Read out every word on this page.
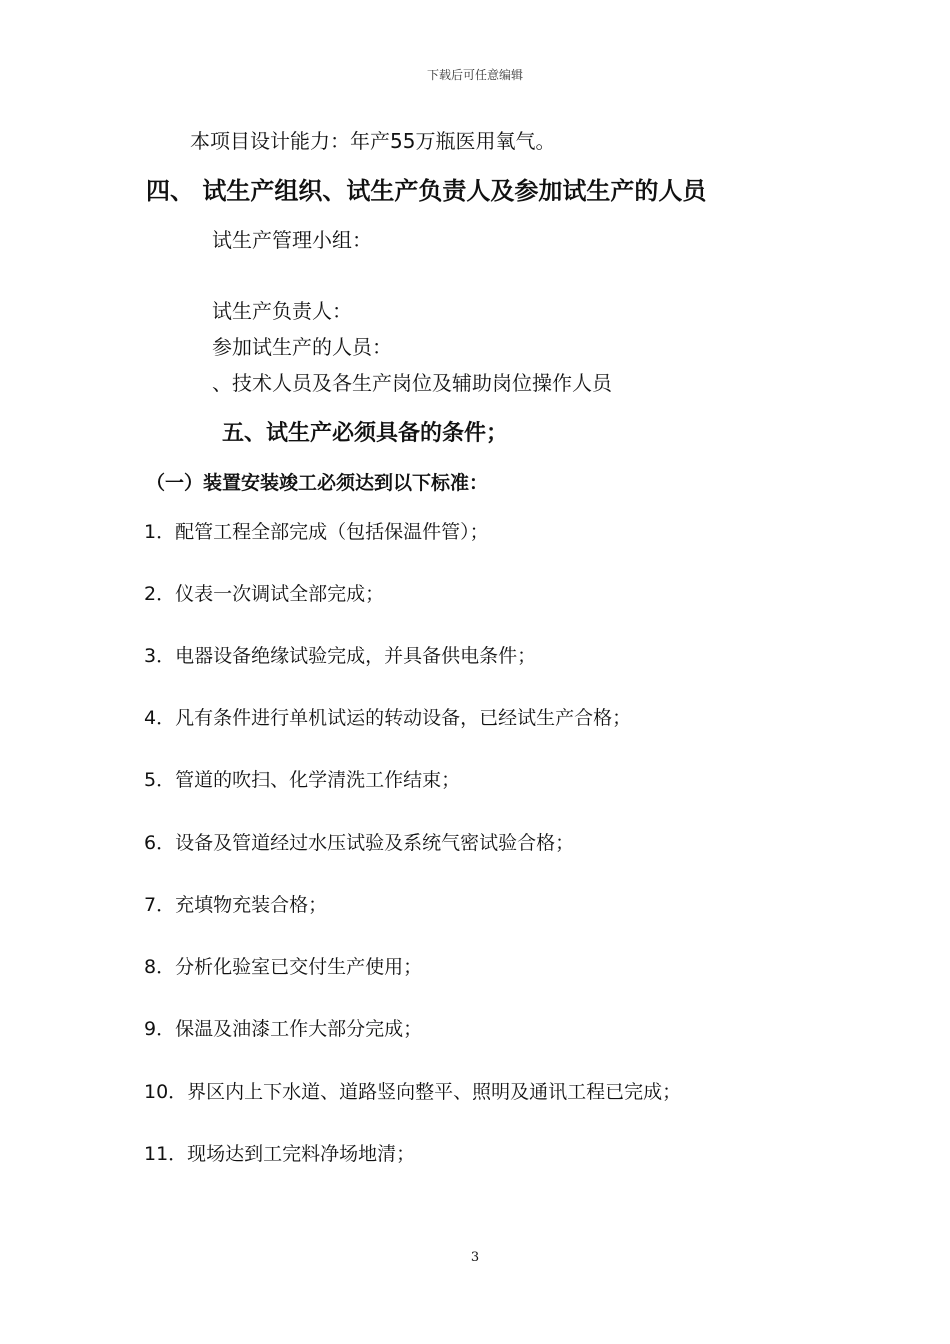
下载后可任意编辑
本项目设计能力：年产55万瓶医用氧气。
四、 试生产组织、试生产负责人及参加试生产的人员
试生产管理小组：
试生产负责人：
参加试生产的人员：
、技术人员及各生产岗位及辅助岗位操作人员
五、试生产必须具备的条件；
（一）装置安装竣工必须达到以下标准：
1．配管工程全部完成（包括保温件管）；
2．仪表一次调试全部完成；
3．电器设备绝缘试验完成，并具备供电条件；
4．凡有条件进行单机试运的转动设备，已经试生产合格；
5．管道的吹扫、化学清洗工作结束；
6．设备及管道经过水压试验及系统气密试验合格；
7．充填物充装合格；
8．分析化验室已交付生产使用；
9．保温及油漆工作大部分完成；
10．界区内上下水道、道路竖向整平、照明及通讯工程已完成；
11．现场达到工完料净场地清；
3
